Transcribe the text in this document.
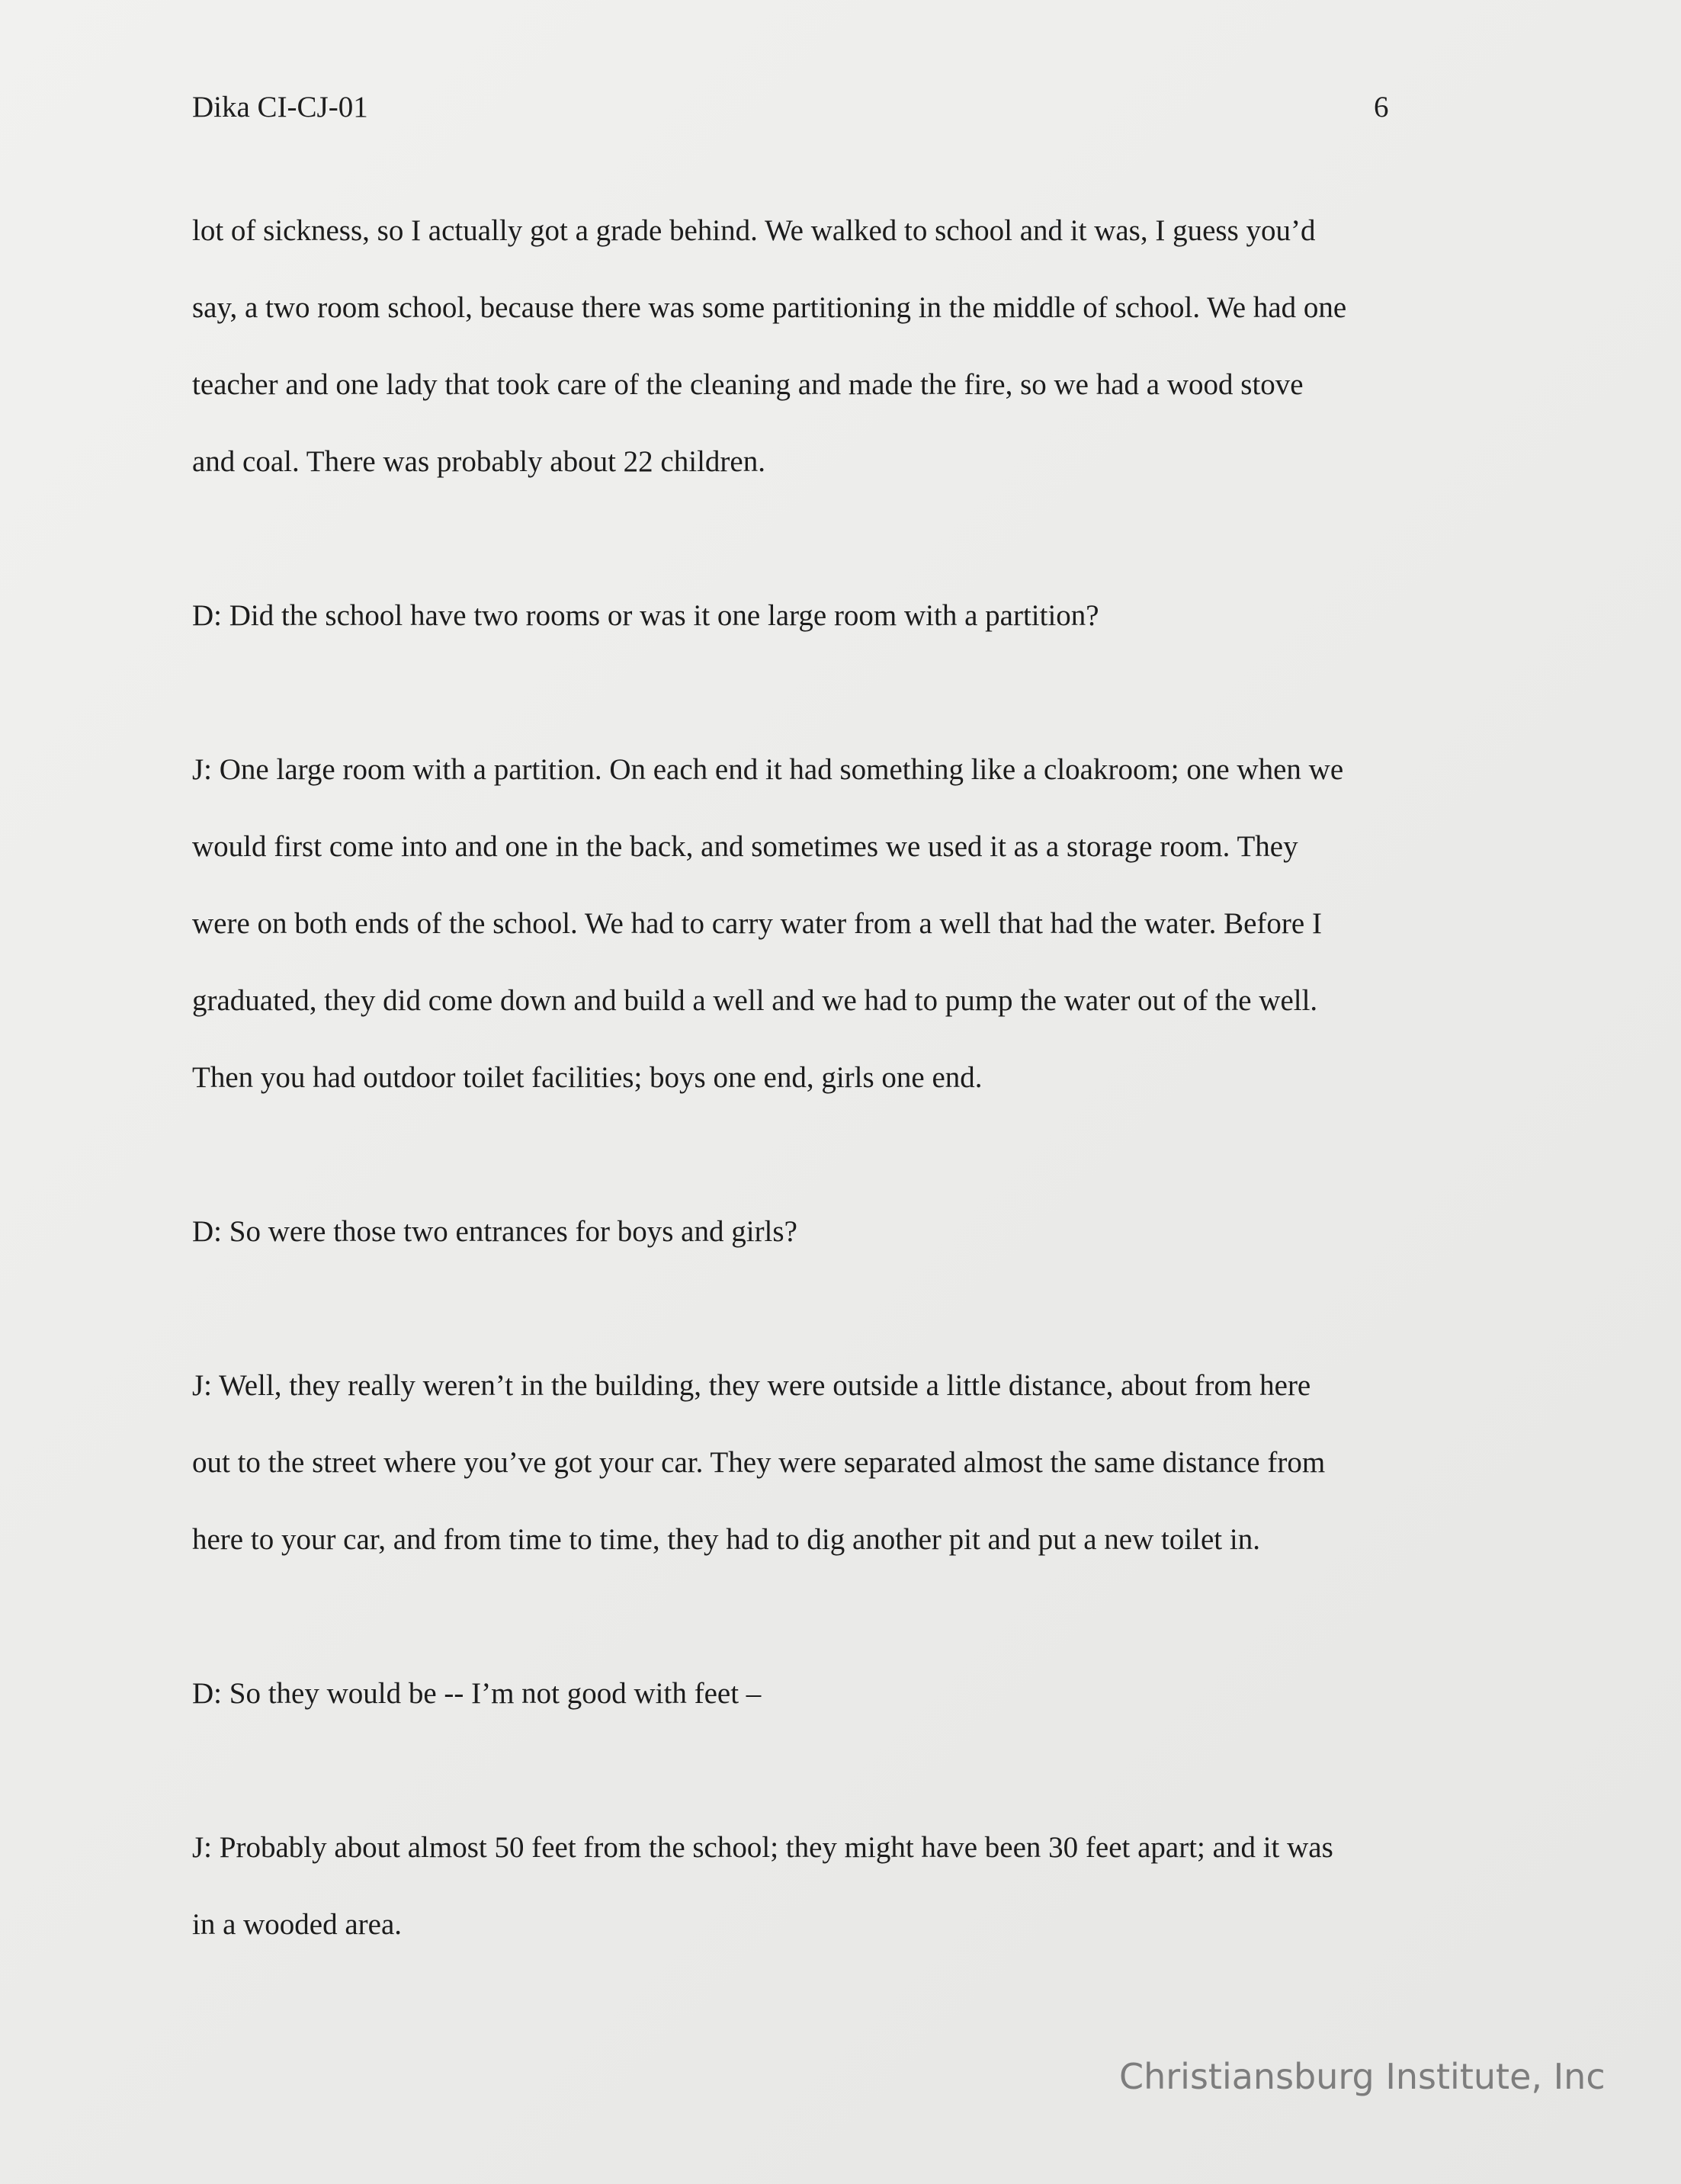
Dika CI-CJ-01	6

lot of sickness, so I actually got a grade behind. We walked to school and it was, I guess you’d
say, a two room school, because there was some partitioning in the middle of school. We had one
teacher and one lady that took care of the cleaning and made the fire, so we had a wood stove
and coal. There was probably about 22 children.

D: Did the school have two rooms or was it one large room with a partition?

J: One large room with a partition. On each end it had something like a cloakroom; one when we
would first come into and one in the back, and sometimes we used it as a storage room. They
were on both ends of the school. We had to carry water from a well that had the water. Before I
graduated, they did come down and build a well and we had to pump the water out of the well.
Then you had outdoor toilet facilities; boys one end, girls one end.

D: So were those two entrances for boys and girls?

J: Well, they really weren’t in the building, they were outside a little distance, about from here
out to the street where you’ve got your car. They were separated almost the same distance from
here to your car, and from time to time, they had to dig another pit and put a new toilet in.

D: So they would be -- I’m not good with feet –

J: Probably about almost 50 feet from the school; they might have been 30 feet apart; and it was
in a wooded area.

Christiansburg Institute, Inc
